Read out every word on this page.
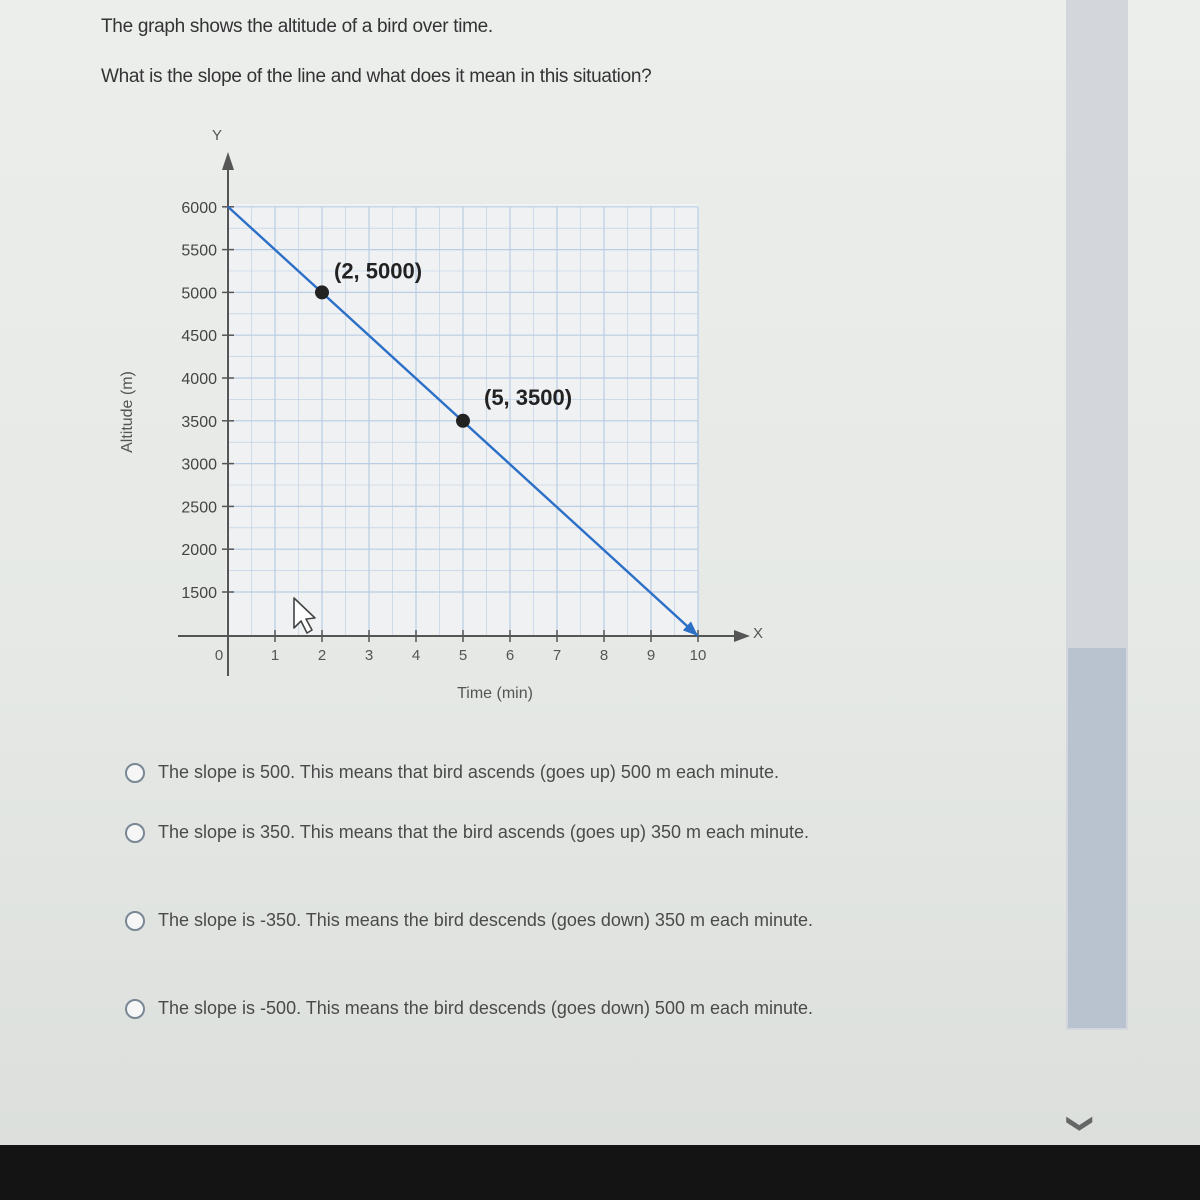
The graph shows the altitude of a bird over time.
What is the slope of the line and what does it mean in this situation?
1500
2000
2500
3000
3500
4000
4500
5000
5500
6000
0	1	2	3	4	5	6	7	8	9 10
(2, 5000)
(5, 3500)
Y
X
Time (min)
Altitude (m)
The slope is 500. This means that bird ascends (goes up) 500 m each minute.
The slope is 350. This means that the bird ascends (goes up) 350 m each minute.
The slope is -350. This means the bird descends (goes down) 350 m each minute.
The slope is -500. This means the bird descends (goes down) 500 m each minute.
❯
